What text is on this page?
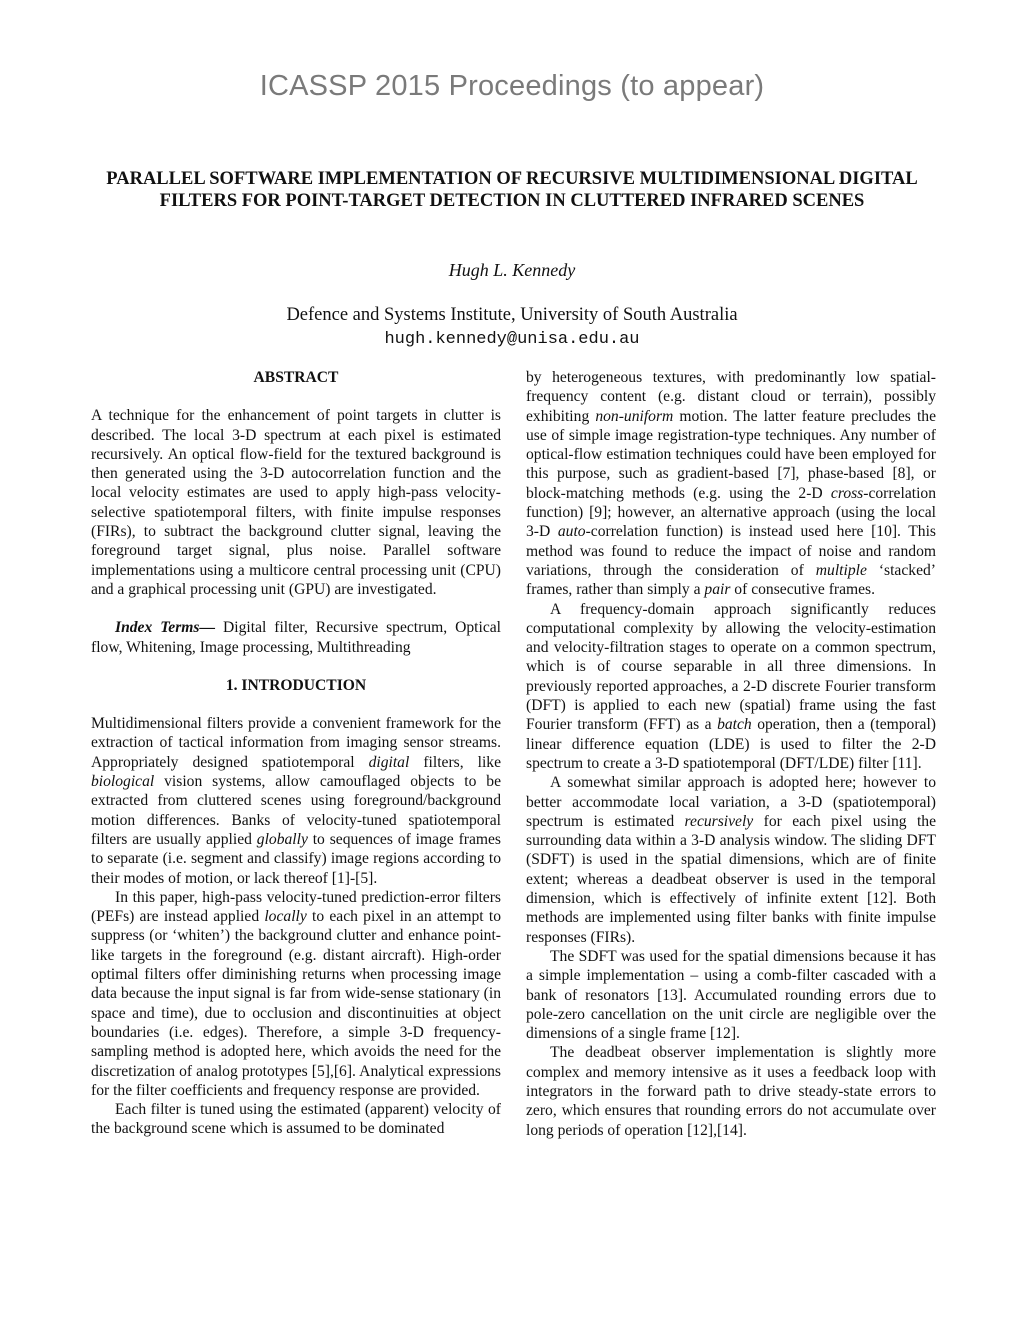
ICASSP 2015 Proceedings (to appear)
PARALLEL SOFTWARE IMPLEMENTATION OF RECURSIVE MULTIDIMENSIONAL DIGITAL FILTERS FOR POINT-TARGET DETECTION IN CLUTTERED INFRARED SCENES
Hugh L. Kennedy
Defence and Systems Institute, University of South Australia
hugh.kennedy@unisa.edu.au
ABSTRACT

A technique for the enhancement of point targets in clutter is described. The local 3-D spectrum at each pixel is estimated recursively. An optical flow-field for the textured background is then generated using the 3-D autocorrelation function and the local velocity estimates are used to apply high-pass velocity-selective spatiotemporal filters, with finite impulse responses (FIRs), to subtract the background clutter signal, leaving the foreground target signal, plus noise. Parallel software implementations using a multicore central processing unit (CPU) and a graphical processing unit (GPU) are investigated.

Index Terms— Digital filter, Recursive spectrum, Optical flow, Whitening, Image processing, Multithreading

1. INTRODUCTION

Multidimensional filters provide a convenient framework for the extraction of tactical information from imaging sensor streams. Appropriately designed spatiotemporal digital filters, like biological vision systems, allow camouflaged objects to be extracted from cluttered scenes using foreground/background motion differences. Banks of velocity-tuned spatiotemporal filters are usually applied globally to sequences of image frames to separate (i.e. segment and classify) image regions according to their modes of motion, or lack thereof [1]-[5].

In this paper, high-pass velocity-tuned prediction-error filters (PEFs) are instead applied locally to each pixel in an attempt to suppress (or ‘whiten’) the background clutter and enhance point-like targets in the foreground (e.g. distant aircraft). High-order optimal filters offer diminishing returns when processing image data because the input signal is far from wide-sense stationary (in space and time), due to occlusion and discontinuities at object boundaries (i.e. edges). Therefore, a simple 3-D frequency-sampling method is adopted here, which avoids the need for the discretization of analog prototypes [5],[6]. Analytical expressions for the filter coefficients and frequency response are provided.

Each filter is tuned using the estimated (apparent) velocity of the background scene which is assumed to be dominated

by heterogeneous textures, with predominantly low spatial-frequency content (e.g. distant cloud or terrain), possibly exhibiting non-uniform motion. The latter feature precludes the use of simple image registration-type techniques. Any number of optical-flow estimation techniques could have been employed for this purpose, such as gradient-based [7], phase-based [8], or block-matching methods (e.g. using the 2-D cross-correlation function) [9]; however, an alternative approach (using the local 3-D auto-correlation function) is instead used here [10]. This method was found to reduce the impact of noise and random variations, through the consideration of multiple ‘stacked’ frames, rather than simply a pair of consecutive frames.

A frequency-domain approach significantly reduces computational complexity by allowing the velocity-estimation and velocity-filtration stages to operate on a common spectrum, which is of course separable in all three dimensions. In previously reported approaches, a 2-D discrete Fourier transform (DFT) is applied to each new (spatial) frame using the fast Fourier transform (FFT) as a batch operation, then a (temporal) linear difference equation (LDE) is used to filter the 2-D spectrum to create a 3-D spatiotemporal (DFT/LDE) filter [11].

A somewhat similar approach is adopted here; however to better accommodate local variation, a 3-D (spatiotemporal) spectrum is estimated recursively for each pixel using the surrounding data within a 3-D analysis window. The sliding DFT (SDFT) is used in the spatial dimensions, which are of finite extent; whereas a deadbeat observer is used in the temporal dimension, which is effectively of infinite extent [12]. Both methods are implemented using filter banks with finite impulse responses (FIRs).

The SDFT was used for the spatial dimensions because it has a simple implementation – using a comb-filter cascaded with a bank of resonators [13]. Accumulated rounding errors due to pole-zero cancellation on the unit circle are negligible over the dimensions of a single frame [12].

The deadbeat observer implementation is slightly more complex and memory intensive as it uses a feedback loop with integrators in the forward path to drive steady-state errors to zero, which ensures that rounding errors do not accumulate over long periods of operation [12],[14].
